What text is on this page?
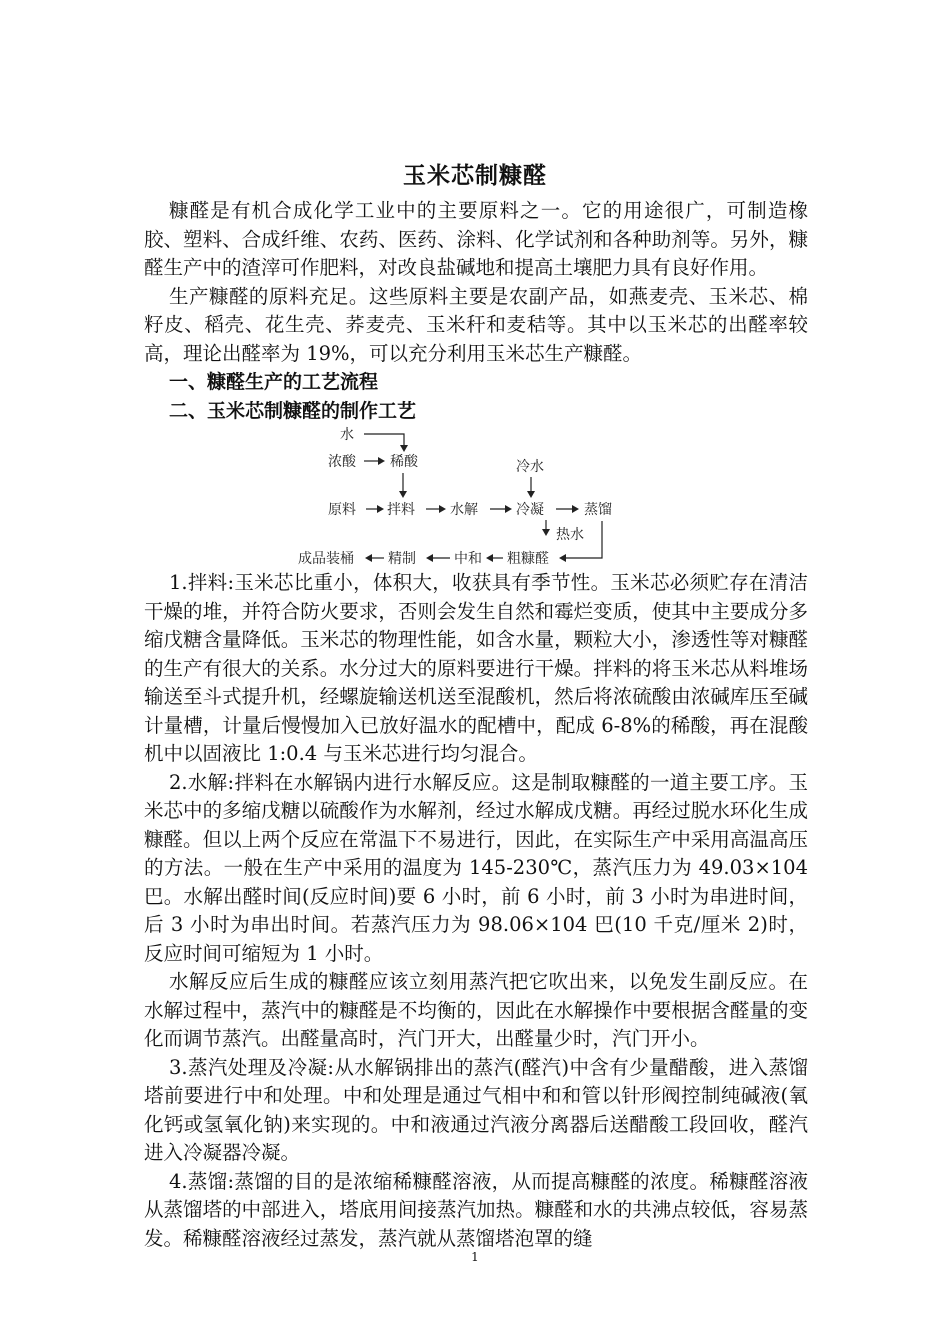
玉米芯制糠醛

糠醛是有机合成化学工业中的主要原料之一。它的用途很广，可制造橡胶、塑料、合成纤维、农药、医药、涂料、化学试剂和各种助剂等。另外，糠醛生产中的渣滓可作肥料，对改良盐碱地和提高土壤肥力具有良好作用。

生产糠醛的原料充足。这些原料主要是农副产品，如燕麦壳、玉米芯、棉籽皮、稻壳、花生壳、荞麦壳、玉米秆和麦秸等。其中以玉米芯的出醛率较高，理论出醛率为 19%，可以充分利用玉米芯生产糠醛。

一、糠醛生产的工艺流程

二、玉米芯制糠醛的制作工艺

水
浓酸 稀酸	冷水
原料 拌料	水解	冷凝	蒸馏
热水
粗糠醛
中和
精制
成品装桶

1.拌料:玉米芯比重小，体积大，收获具有季节性。玉米芯必须贮存在清洁干燥的堆，并符合防火要求，否则会发生自然和霉烂变质，使其中主要成分多缩戊糖含量降低。玉米芯的物理性能，如含水量，颗粒大小，渗透性等对糠醛的生产有很大的关系。水分过大的原料要进行干燥。拌料的将玉米芯从料堆场输送至斗式提升机，经螺旋输送机送至混酸机，然后将浓硫酸由浓碱库压至碱计量槽，计量后慢慢加入已放好温水的配槽中，配成 6-8%的稀酸，再在混酸机中以固液比 1:0.4 与玉米芯进行均匀混合。

2.水解:拌料在水解锅内进行水解反应。这是制取糠醛的一道主要工序。玉米芯中的多缩戊糖以硫酸作为水解剂，经过水解成戊糖。再经过脱水环化生成糠醛。但以上两个反应在常温下不易进行，因此，在实际生产中采用高温高压的方法。一般在生产中采用的温度为 145-230℃，蒸汽压力为 49.03×104 巴。水解出醛时间(反应时间)要 6 小时，前 6 小时，前 3 小时为串进时间，后 3 小时为串出时间。若蒸汽压力为 98.06×104 巴(10 千克/厘米 2)时，反应时间可缩短为 1 小时。

水解反应后生成的糠醛应该立刻用蒸汽把它吹出来，以免发生副反应。在水解过程中，蒸汽中的糠醛是不均衡的，因此在水解操作中要根据含醛量的变化而调节蒸汽。出醛量高时，汽门开大，出醛量少时，汽门开小。

3.蒸汽处理及冷凝:从水解锅排出的蒸汽(醛汽)中含有少量醋酸，进入蒸馏塔前要进行中和处理。中和处理是通过气相中和和管以针形阀控制纯碱液(氧化钙或氢氧化钠)来实现的。中和液通过汽液分离器后送醋酸工段回收，醛汽进入冷凝器冷凝。

4.蒸馏:蒸馏的目的是浓缩稀糠醛溶液，从而提高糠醛的浓度。稀糠醛溶液从蒸馏塔的中部进入，塔底用间接蒸汽加热。糠醛和水的共沸点较低，容易蒸发。稀糠醛溶液经过蒸发，蒸汽就从蒸馏塔泡罩的缝

1
